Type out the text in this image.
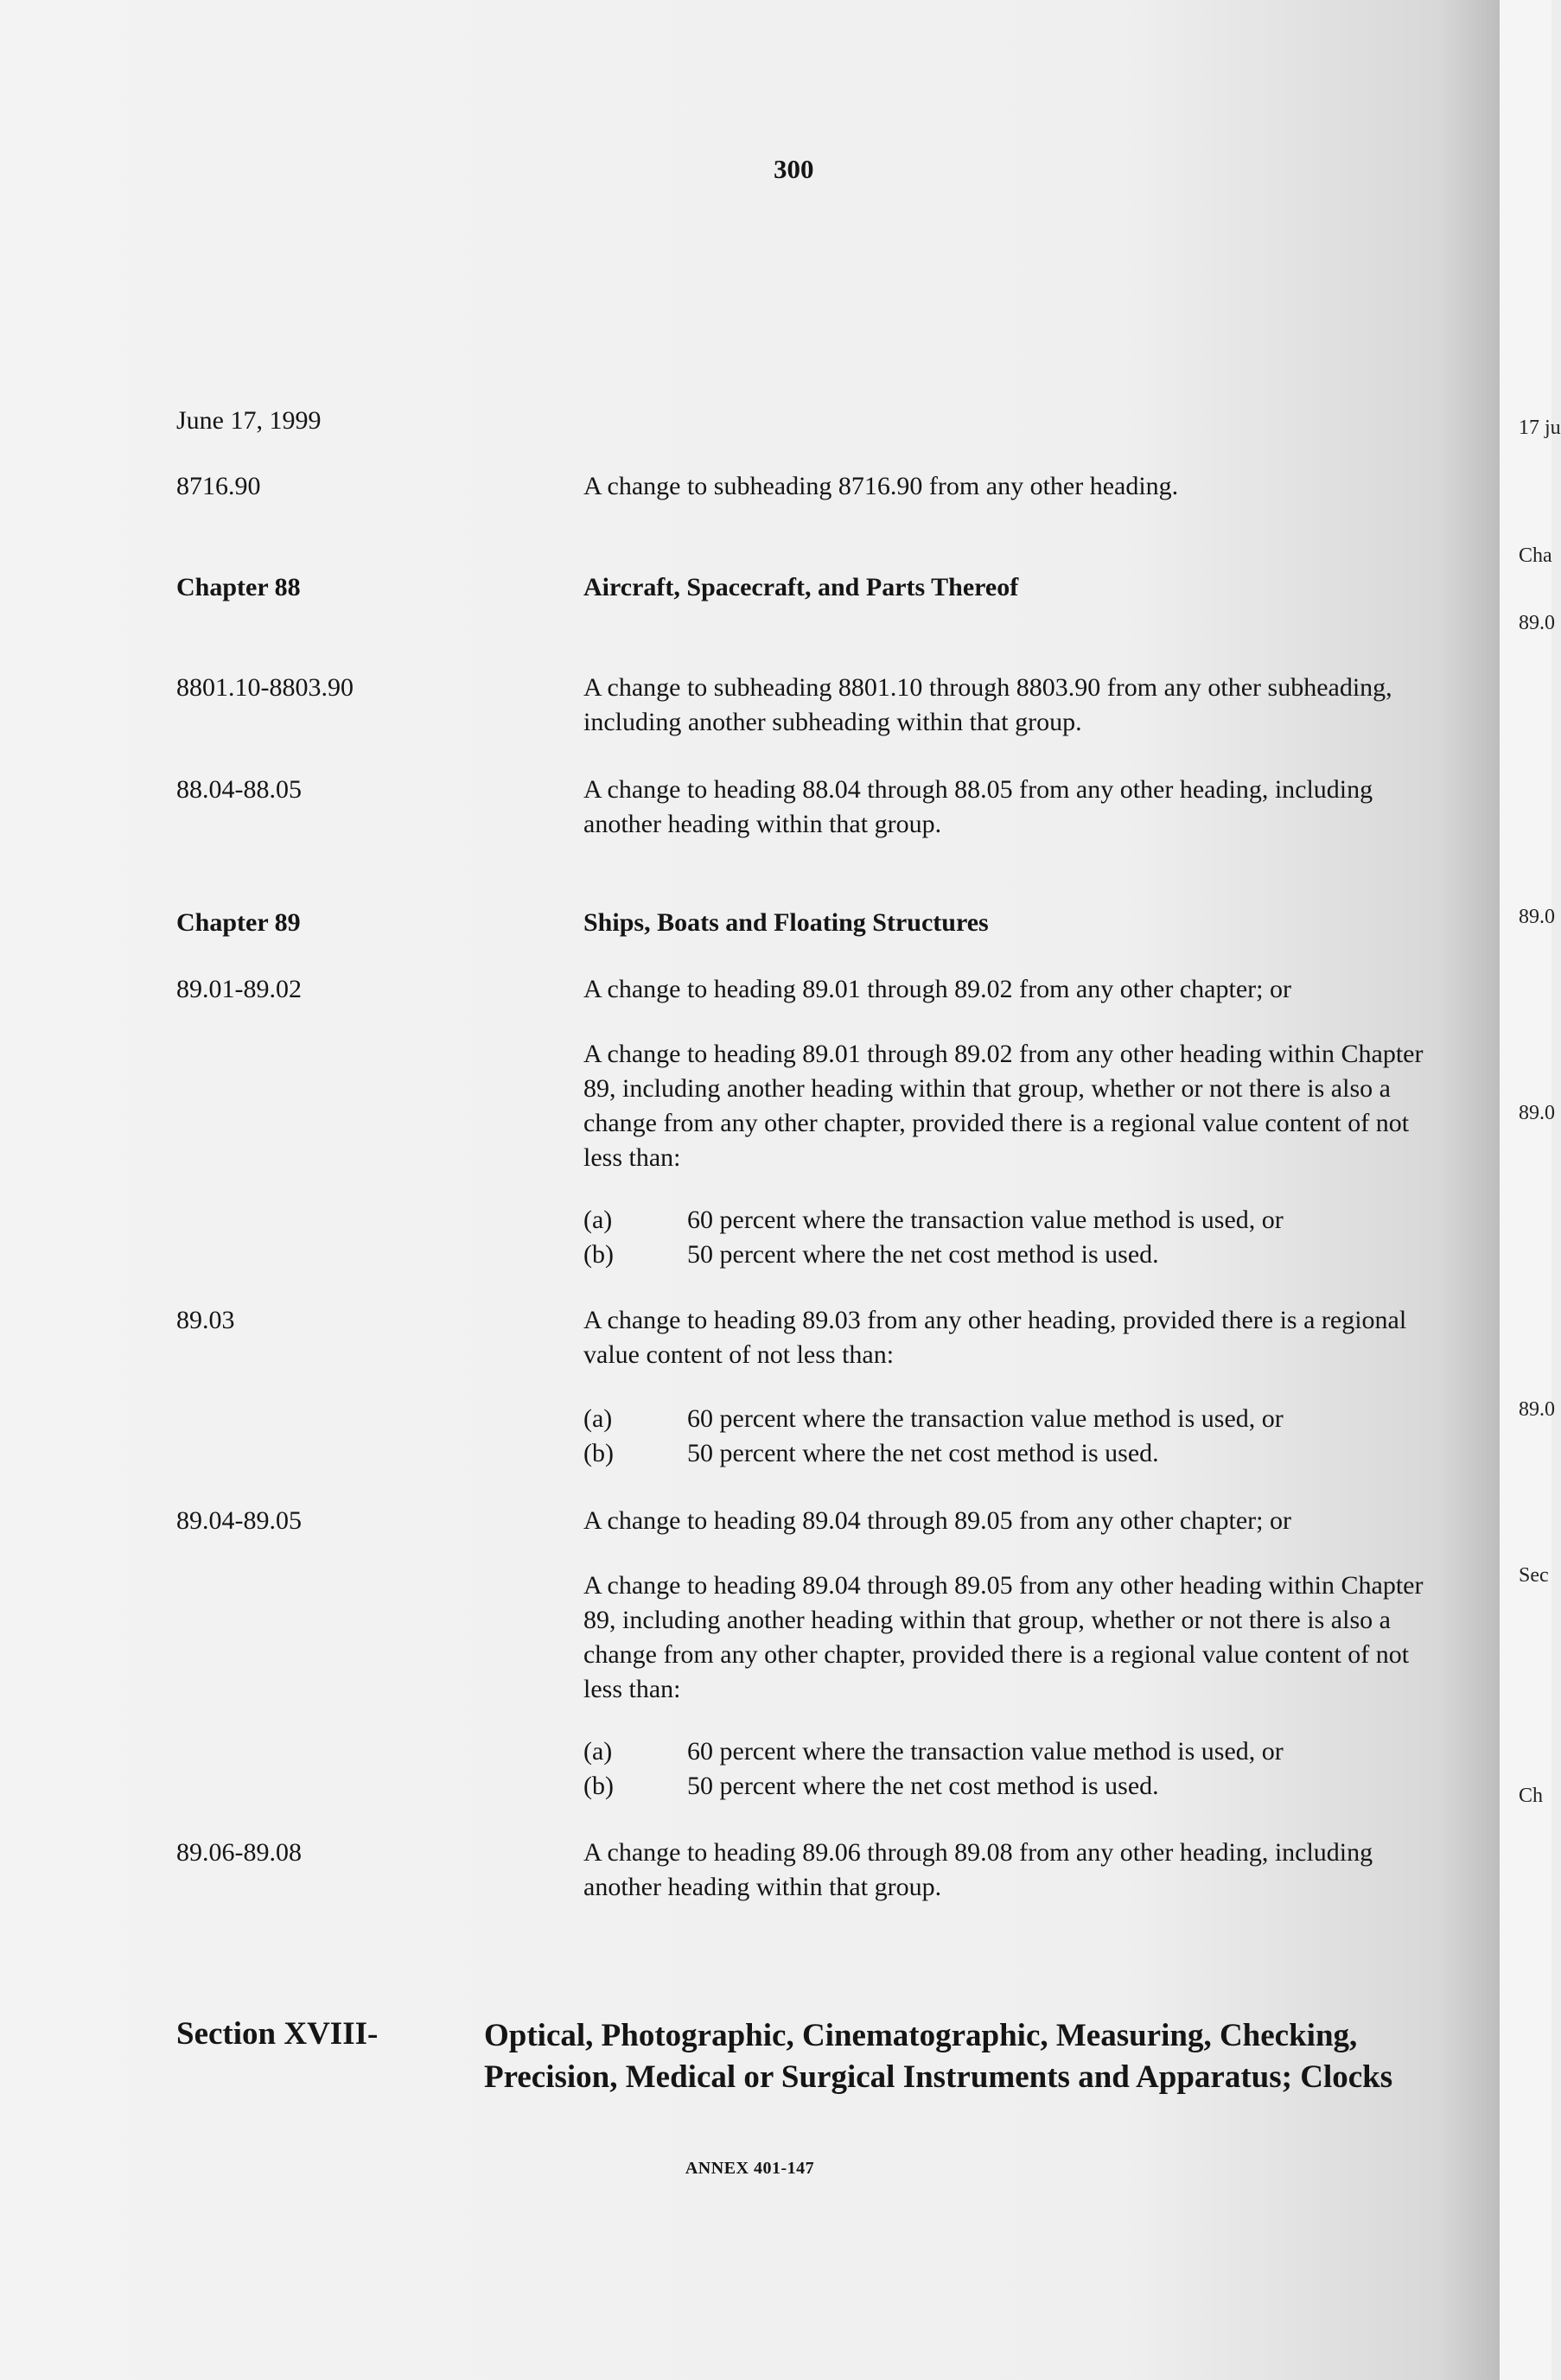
300
June 17, 1999
8716.90	A change to subheading 8716.90 from any other heading.

Chapter 88	Aircraft, Spacecraft, and Parts Thereof
8801.10-8803.90	A change to subheading 8801.10 through 8803.90 from any other subheading, including another subheading within that group.

88.04-88.05	A change to heading 88.04 through 88.05 from any other heading, including another heading within that group.

Chapter 89	Ships, Boats and Floating Structures
89.01-89.02	A change to heading 89.01 through 89.02 from any other chapter; or

A change to heading 89.01 through 89.02 from any other heading within Chapter 89, including another heading within that group, whether or not there is also a change from any other chapter, provided there is a regional value content of not less than:

(a)	60 percent where the transaction value method is used, or
(b)	50 percent where the net cost method is used.
89.03	A change to heading 89.03 from any other heading, provided there is a regional value content of not less than:

(a)	60 percent where the transaction value method is used, or
(b)	50 percent where the net cost method is used.
89.04-89.05	A change to heading 89.04 through 89.05 from any other chapter; or

A change to heading 89.04 through 89.05 from any other heading within Chapter 89, including another heading within that group, whether or not there is also a change from any other chapter, provided there is a regional value content of not less than:

(a)	60 percent where the transaction value method is used, or
(b)	50 percent where the net cost method is used.
89.06-89.08	A change to heading 89.06 through 89.08 from any other heading, including another heading within that group.

Section XVIII-	Optical, Photographic, Cinematographic, Measuring, Checking,

Precision, Medical or Surgical Instruments and Apparatus; Clocks

ANNEX 401-147
17 ju
Cha
89.0
89.0
89.0
89.0
Sec
Ch
